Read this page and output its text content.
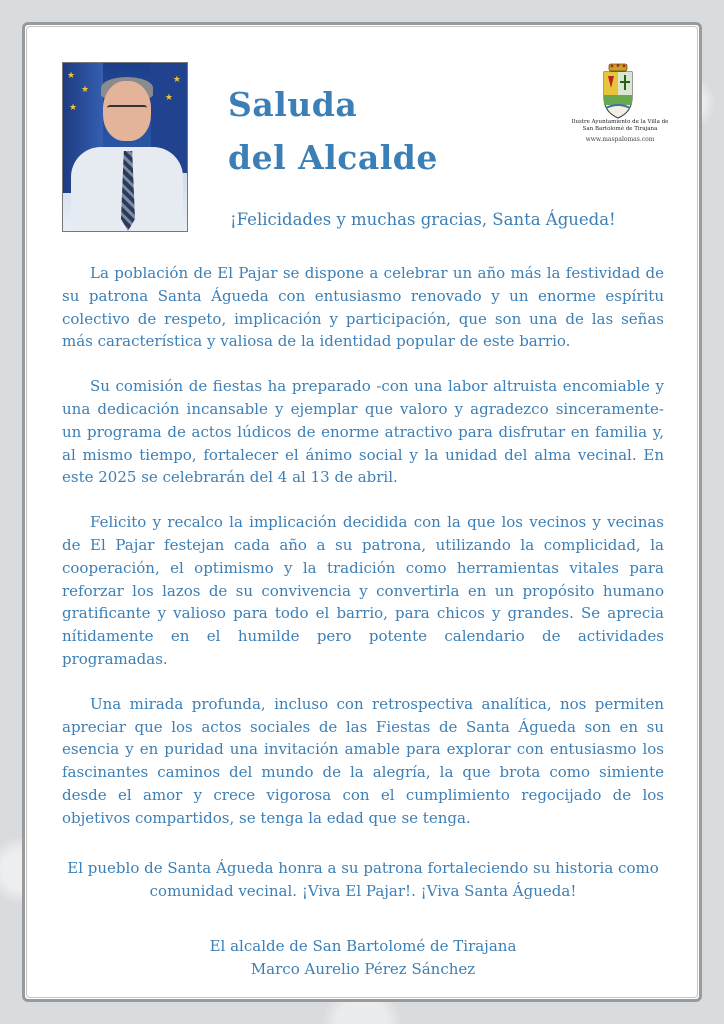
★
★
★
★
★ Saluda
del Alcalde
Ilustre Ayuntamiento de la Villa de
San Bartolomé de Tirajana
www.maspalomas.com
¡Felicidades y muchas gracias, Santa Águeda!

La población de El Pajar se dispone a celebrar un año más la festividad de su patrona Santa Águeda con entusiasmo renovado y un enorme espíritu colectivo de respeto, implicación y participación, que son una de las señas más característica y valiosa de la identidad popular de este barrio.

Su comisión de fiestas ha preparado -con una labor altruista encomiable y una dedicación incansable y ejemplar que valoro y agradezco sinceramente- un programa de actos lúdicos de enorme atractivo para disfrutar en familia y, al mismo tiempo, fortalecer el ánimo social y la unidad del alma vecinal. En este 2025 se celebrarán del 4 al 13 de abril.

Felicito y recalco la implicación decidida con la que los vecinos y vecinas de El Pajar festejan cada año a su patrona, utilizando la complicidad, la cooperación, el optimismo y la tradición como herramientas vitales para reforzar los lazos de su convivencia y convertirla en un propósito humano gratificante y valioso para todo el barrio, para chicos y grandes. Se aprecia nítidamente en el humilde pero potente calendario de actividades programadas.

Una mirada profunda, incluso con retrospectiva analítica, nos permiten apreciar que los actos sociales de las Fiestas de Santa Águeda son en su esencia y en puridad una invitación amable para explorar con entusiasmo los fascinantes caminos del mundo de la alegría, la que brota como simiente desde el amor y crece vigorosa con el cumplimiento regocijado de los objetivos compartidos, se tenga la edad que se tenga.

El pueblo de Santa Águeda honra a su patrona fortaleciendo su historia como
comunidad vecinal. ¡Viva El Pajar!. ¡Viva Santa Águeda!
El alcalde de San Bartolomé de Tirajana
Marco Aurelio Pérez Sánchez
